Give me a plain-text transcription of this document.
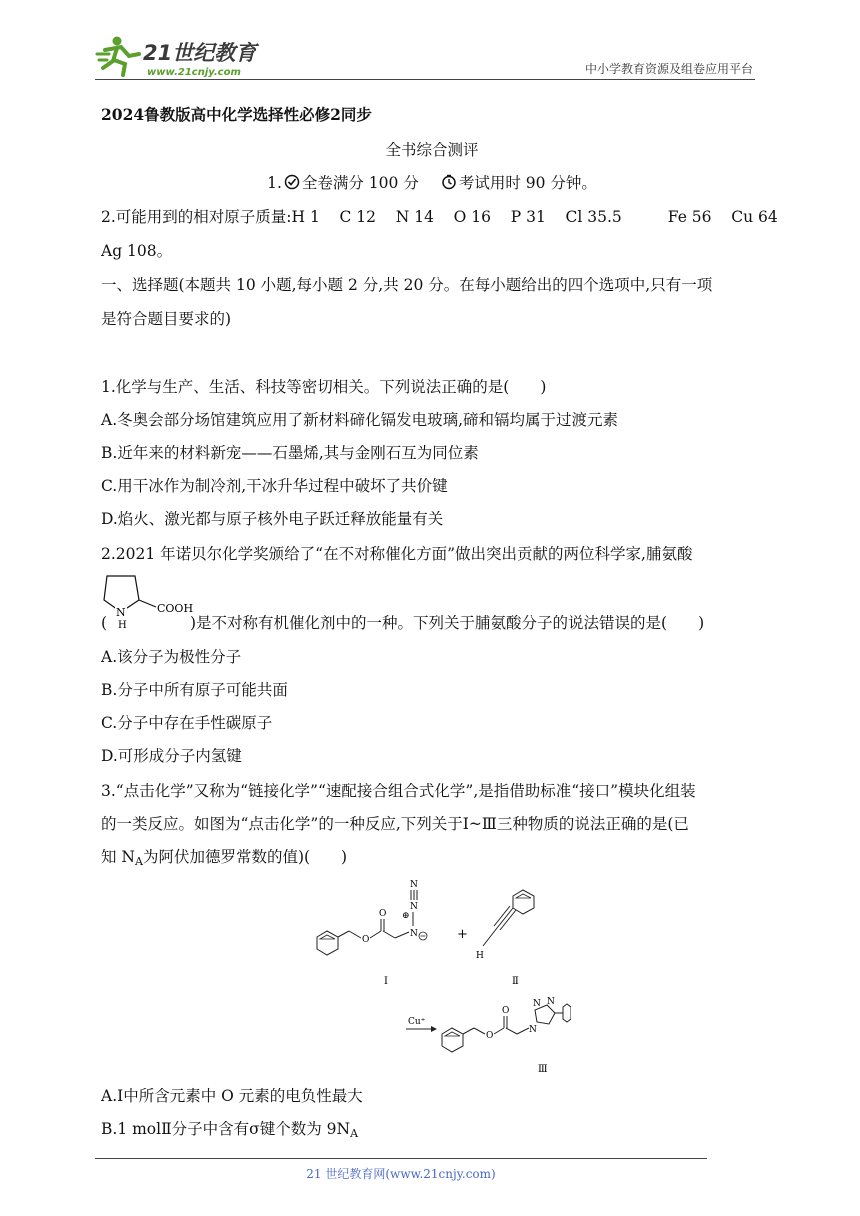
21世纪教育
www.21cnjy.com	中小学教育资源及组卷应用平台
2024鲁教版高中化学选择性必修2同步
全书综合测评
1. 全卷满分 100 分	考试用时 90 分钟。
2.可能用到的相对原子质量:H 1    C 12    N 14    O 16    P 31    Cl 35.5	Fe 56    Cu 64
Ag 108。
一、选择题(本题共 10 小题,每小题 2 分,共 20 分。在每小题给出的四个选项中,只有一项
是符合题目要求的)
1.化学与生产、生活、科技等密切相关。下列说法正确的是(　　)
A.冬奥会部分场馆建筑应用了新材料碲化镉发电玻璃,碲和镉均属于过渡元素
B.近年来的材料新宠——石墨烯,其与金刚石互为同位素
C.用干冰作为制冷剂,干冰升华过程中破坏了共价键
D.焰火、激光都与原子核外电子跃迁释放能量有关
2.2021 年诺贝尔化学奖颁给了“在不对称催化方面”做出突出贡献的两位科学家,脯氨酸
N
H
COOH
(	)是不对称有机催化剂中的一种。下列关于脯氨酸分子的说法错误的是(　　)
A.该分子为极性分子
B.分子中所有原子可能共面
C.分子中存在手性碳原子
D.可形成分子内氢键
3.“点击化学”又称为“链接化学”“速配接合组合式化学”,是指借助标准“接口”模块化组装
的一类反应。如图为“点击化学”的一种反应,下列关于Ⅰ~Ⅲ三种物质的说法正确的是(已
知 $N_A$为阿伏加德罗常数的值)(　　)
O
O
N
⊕
N
N
Ⅰ
+
H
Ⅱ
Cu⁺
O
O
N
N N
Ⅲ
A.Ⅰ中所含元素中 O 元素的电负性最大
B.1 molⅡ分子中含有σ键个数为 $9N_A$
21 世纪教育网(www.21cnjy.com)
